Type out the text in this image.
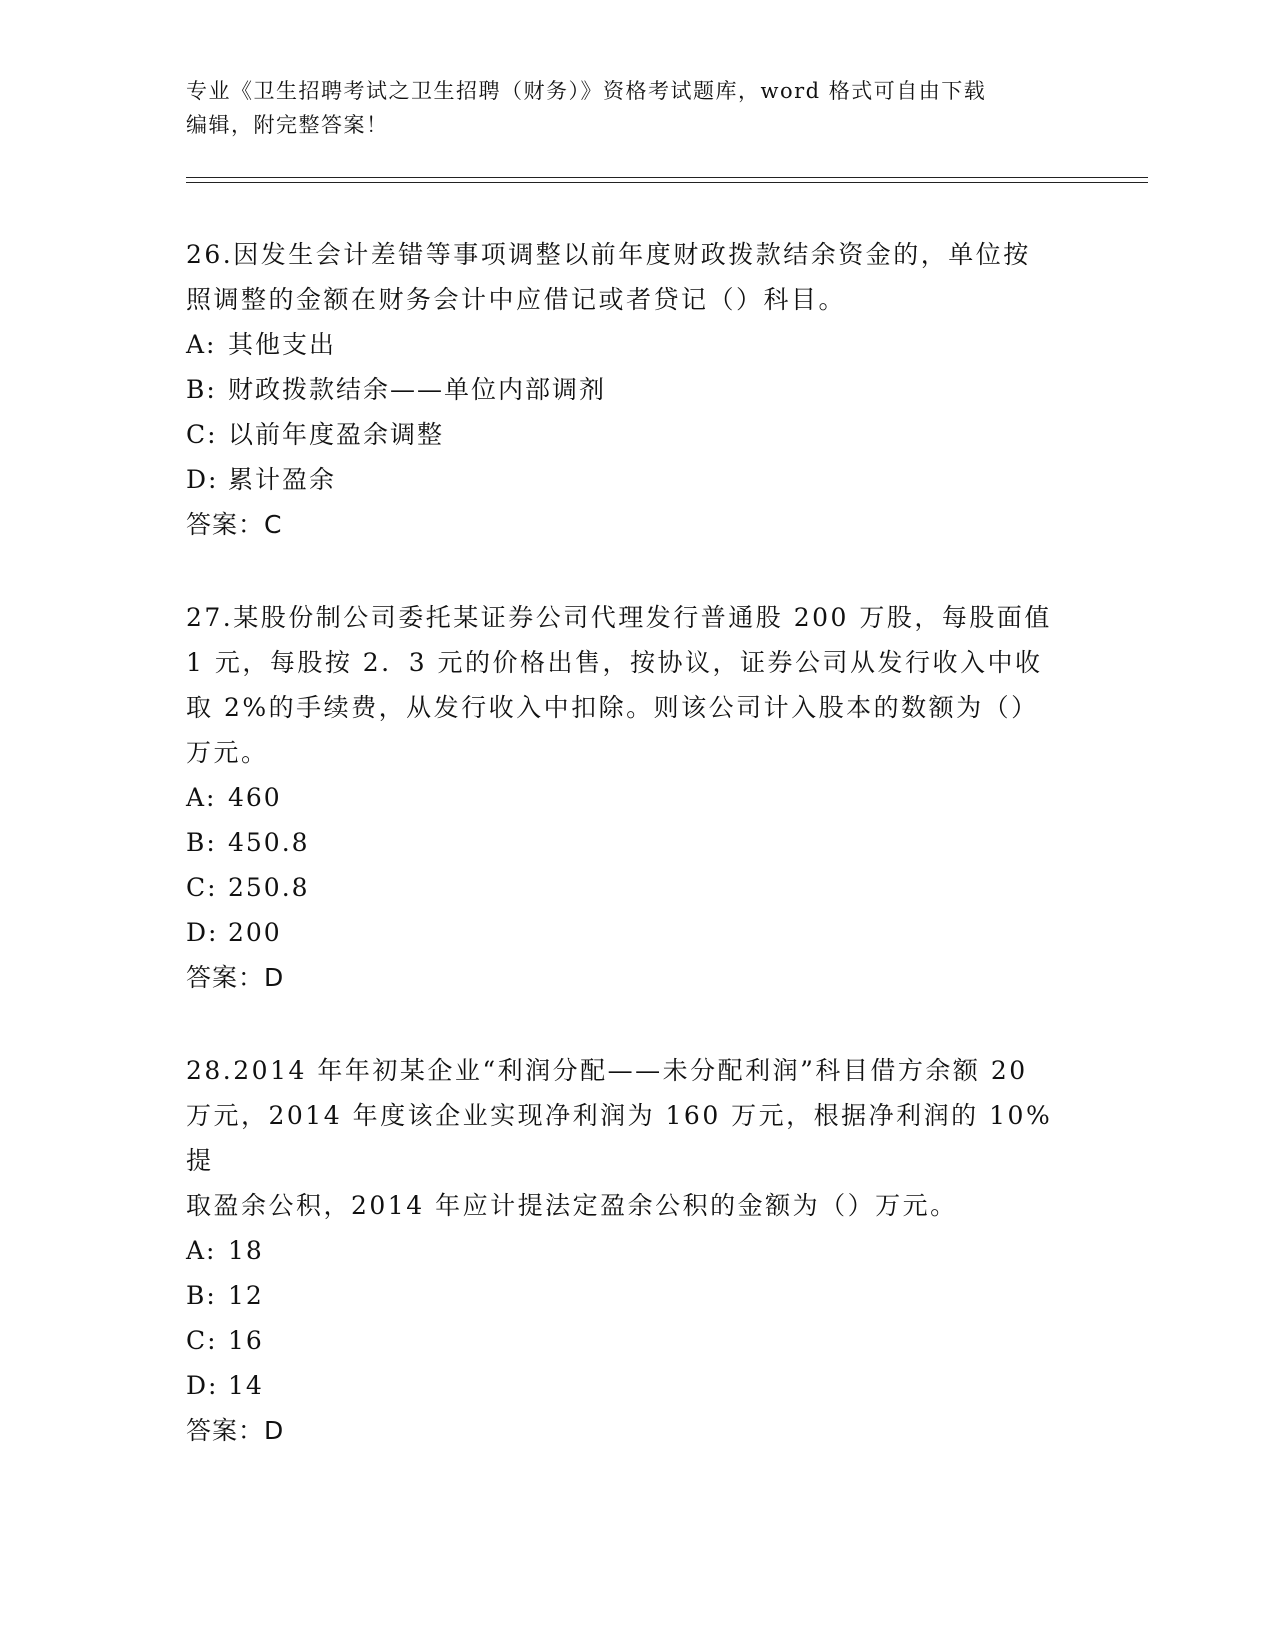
专业《卫生招聘考试之卫生招聘（财务）》资格考试题库，word 格式可自由下载
编辑，附完整答案！

26.因发生会计差错等事项调整以前年度财政拨款结余资金的，单位按

照调整的金额在财务会计中应借记或者贷记（）科目。

A: 其他支出

B: 财政拨款结余——单位内部调剂

C: 以前年度盈余调整

D: 累计盈余

答案：C

27.某股份制公司委托某证券公司代理发行普通股 200 万股，每股面值

1 元，每股按 2．3 元的价格出售，按协议，证券公司从发行收入中收

取 2%的手续费，从发行收入中扣除。则该公司计入股本的数额为（）

万元。

A: 460

B: 450.8

C: 250.8

D: 200

答案：D

28.2014 年年初某企业“利润分配——未分配利润”科目借方余额 20

万元，2014 年度该企业实现净利润为 160 万元，根据净利润的 10%提

取盈余公积，2014 年应计提法定盈余公积的金额为（）万元。

A: 18

B: 12

C: 16

D: 14

答案：D
